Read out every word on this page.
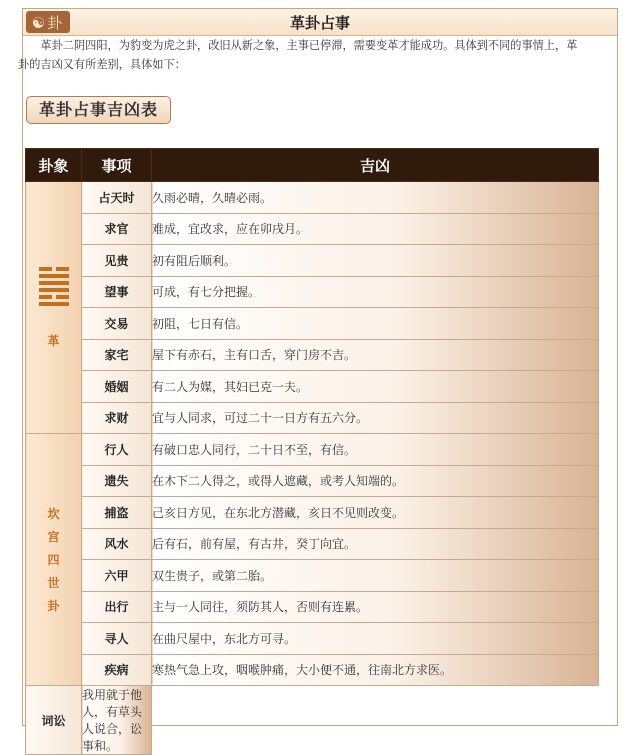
☯卦	革卦占事
革卦二阴四阳，为豹变为虎之卦，改旧从新之象，主事已停滞，需要变革才能成功。具体到不同的事情上，革卦的吉凶又有所差别，具体如下：
革卦占事吉凶表
卦象	事项	吉凶

革	占天时	久雨必晴，久晴必雨。
	求官	难成，宜改求，应在卯戌月。
	见贵	初有阻后顺利。
	望事	可成，有七分把握。
	交易	初阻，七日有信。
	家宅	屋下有赤石，主有口舌，穿门房不吉。
	婚姻	有二人为媒，其妇已克一夫。
	求财	宜与人同求，可过二十一日方有五六分。

坎
宫
四
世
卦	行人	有破口忠人同行，二十日不至，有信。
	遗失	在木下二人得之，或得人遮藏，或考人知端的。
	捕盗	己亥日方见，在东北方潜藏，亥日不见则改变。
	风水	后有石，前有屋，有古井，癸丁向宜。
	六甲	双生贵子，或第二胎。
	出行	主与一人同往，须防其人，否则有连累。
	寻人	在曲尺屋中，东北方可寻。
	疾病	寒热气急上攻，咽喉肿痛，大小便不通，往南北方求医。
词讼	我用就于他人，有草头人说合，讼事和。	
